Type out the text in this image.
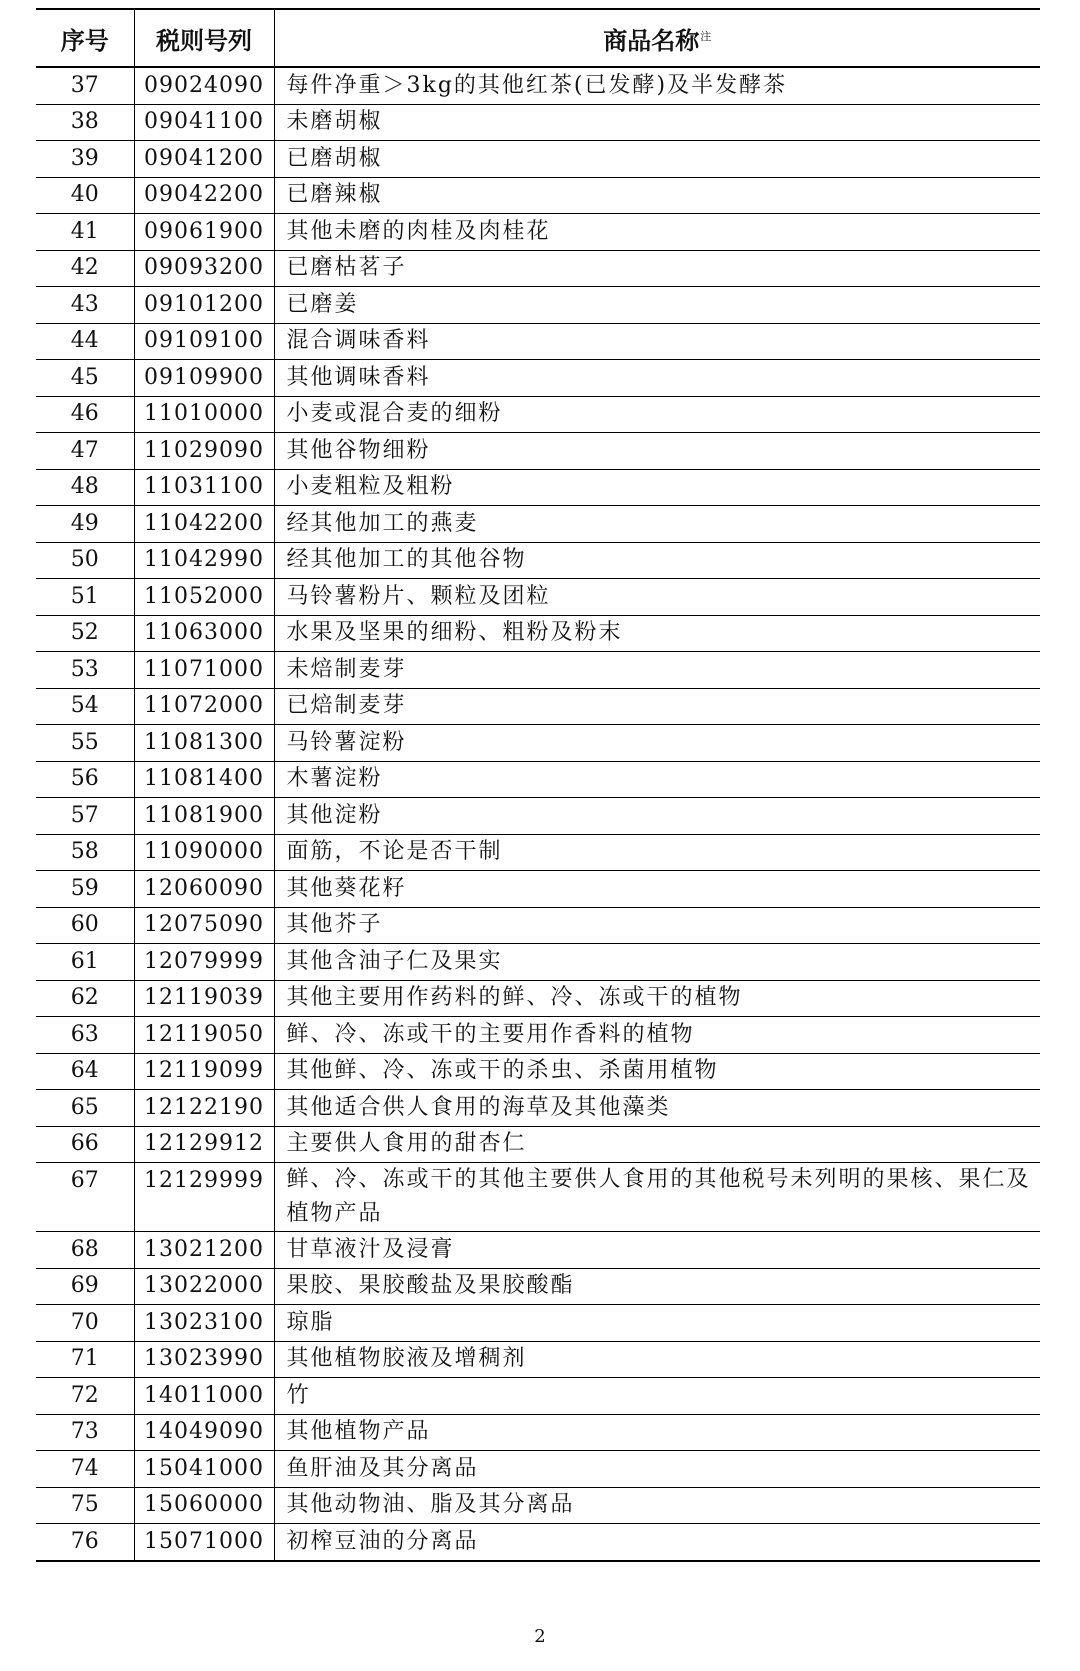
序号	税则号列	商品名称$^注$
37	09024090	每件净重＞3kg的其他红茶(已发酵)及半发酵茶
38	09041100	未磨胡椒
39	09041200	已磨胡椒
40	09042200	已磨辣椒
41	09061900	其他未磨的肉桂及肉桂花
42	09093200	已磨枯茗子
43	09101200	已磨姜
44	09109100	混合调味香料
45	09109900	其他调味香料
46	11010000	小麦或混合麦的细粉
47	11029090	其他谷物细粉
48	11031100	小麦粗粒及粗粉
49	11042200	经其他加工的燕麦
50	11042990	经其他加工的其他谷物
51	11052000	马铃薯粉片、颗粒及团粒
52	11063000	水果及坚果的细粉、粗粉及粉末
53	11071000	未焙制麦芽
54	11072000	已焙制麦芽
55	11081300	马铃薯淀粉
56	11081400	木薯淀粉
57	11081900	其他淀粉
58	11090000	面筋，不论是否干制
59	12060090	其他葵花籽
60	12075090	其他芥子
61	12079999	其他含油子仁及果实
62	12119039	其他主要用作药料的鲜、冷、冻或干的植物
63	12119050	鲜、冷、冻或干的主要用作香料的植物
64	12119099	其他鲜、冷、冻或干的杀虫、杀菌用植物
65	12122190	其他适合供人食用的海草及其他藻类
66	12129912	主要供人食用的甜杏仁
67	12129999	鲜、冷、冻或干的其他主要供人食用的其他税号未列明的果核、果仁及植物产品
68	13021200	甘草液汁及浸膏
69	13022000	果胶、果胶酸盐及果胶酸酯
70	13023100	琼脂
71	13023990	其他植物胶液及增稠剂
72	14011000	竹
73	14049090	其他植物产品
74	15041000	鱼肝油及其分离品
75	15060000	其他动物油、脂及其分离品
76	15071000	初榨豆油的分离品
2
